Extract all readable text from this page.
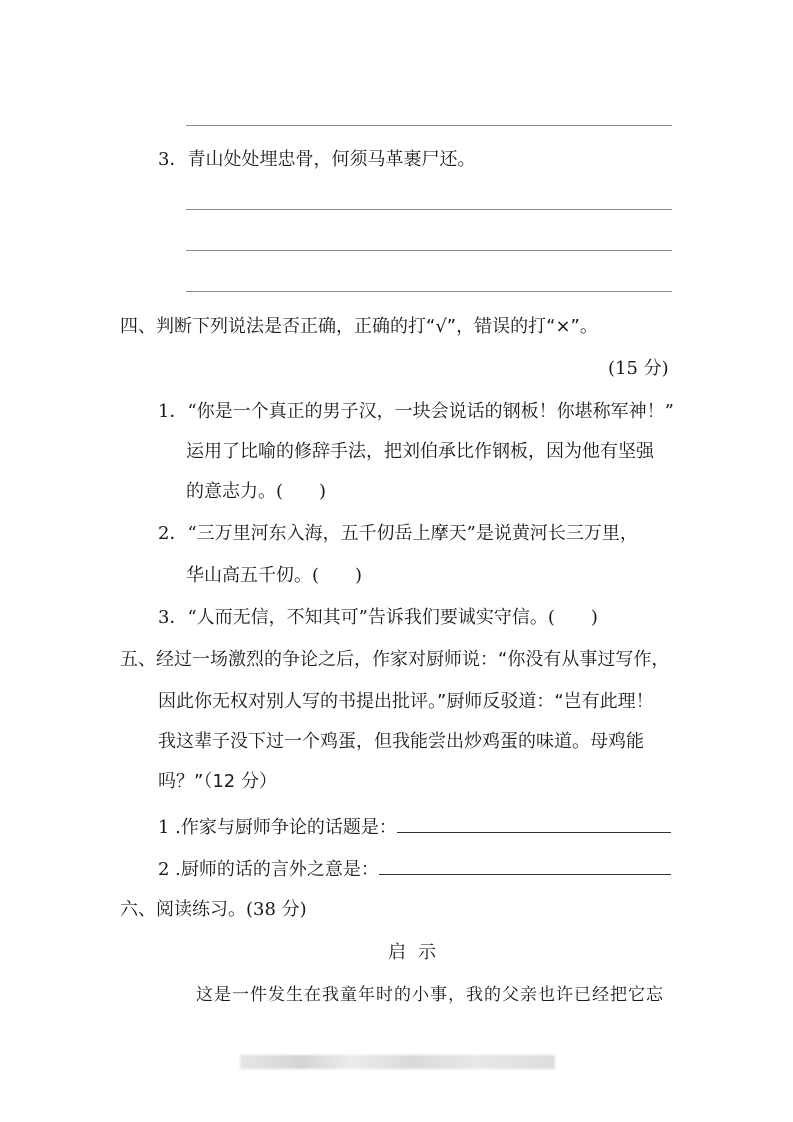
3．青山处处埋忠骨，何须马革裹尸还。
四、判断下列说法是否正确，正确的打“√”，错误的打“×”。
(15 分)
1．“你是一个真正的男子汉，一块会说话的钢板！你堪称军神！”
运用了比喻的修辞手法，把刘伯承比作钢板，因为他有坚强
的意志力。(　　)
2．“三万里河东入海，五千仞岳上摩天”是说黄河长三万里，
华山高五千仞。(　　)
3．“人而无信，不知其可”告诉我们要诚实守信。(　　)
五、经过一场激烈的争论之后，作家对厨师说：“你没有从事过写作，
因此你无权对别人写的书提出批评。”厨师反驳道：“岂有此理！
我这辈子没下过一个鸡蛋，但我能尝出炒鸡蛋的味道。母鸡能
吗？”（12 分）
1 .作家与厨师争论的话题是：
2 .厨师的话的言外之意是：
六、阅读练习。(38 分)
启示
这是一件发生在我童年时的小事，我的父亲也许已经把它忘
